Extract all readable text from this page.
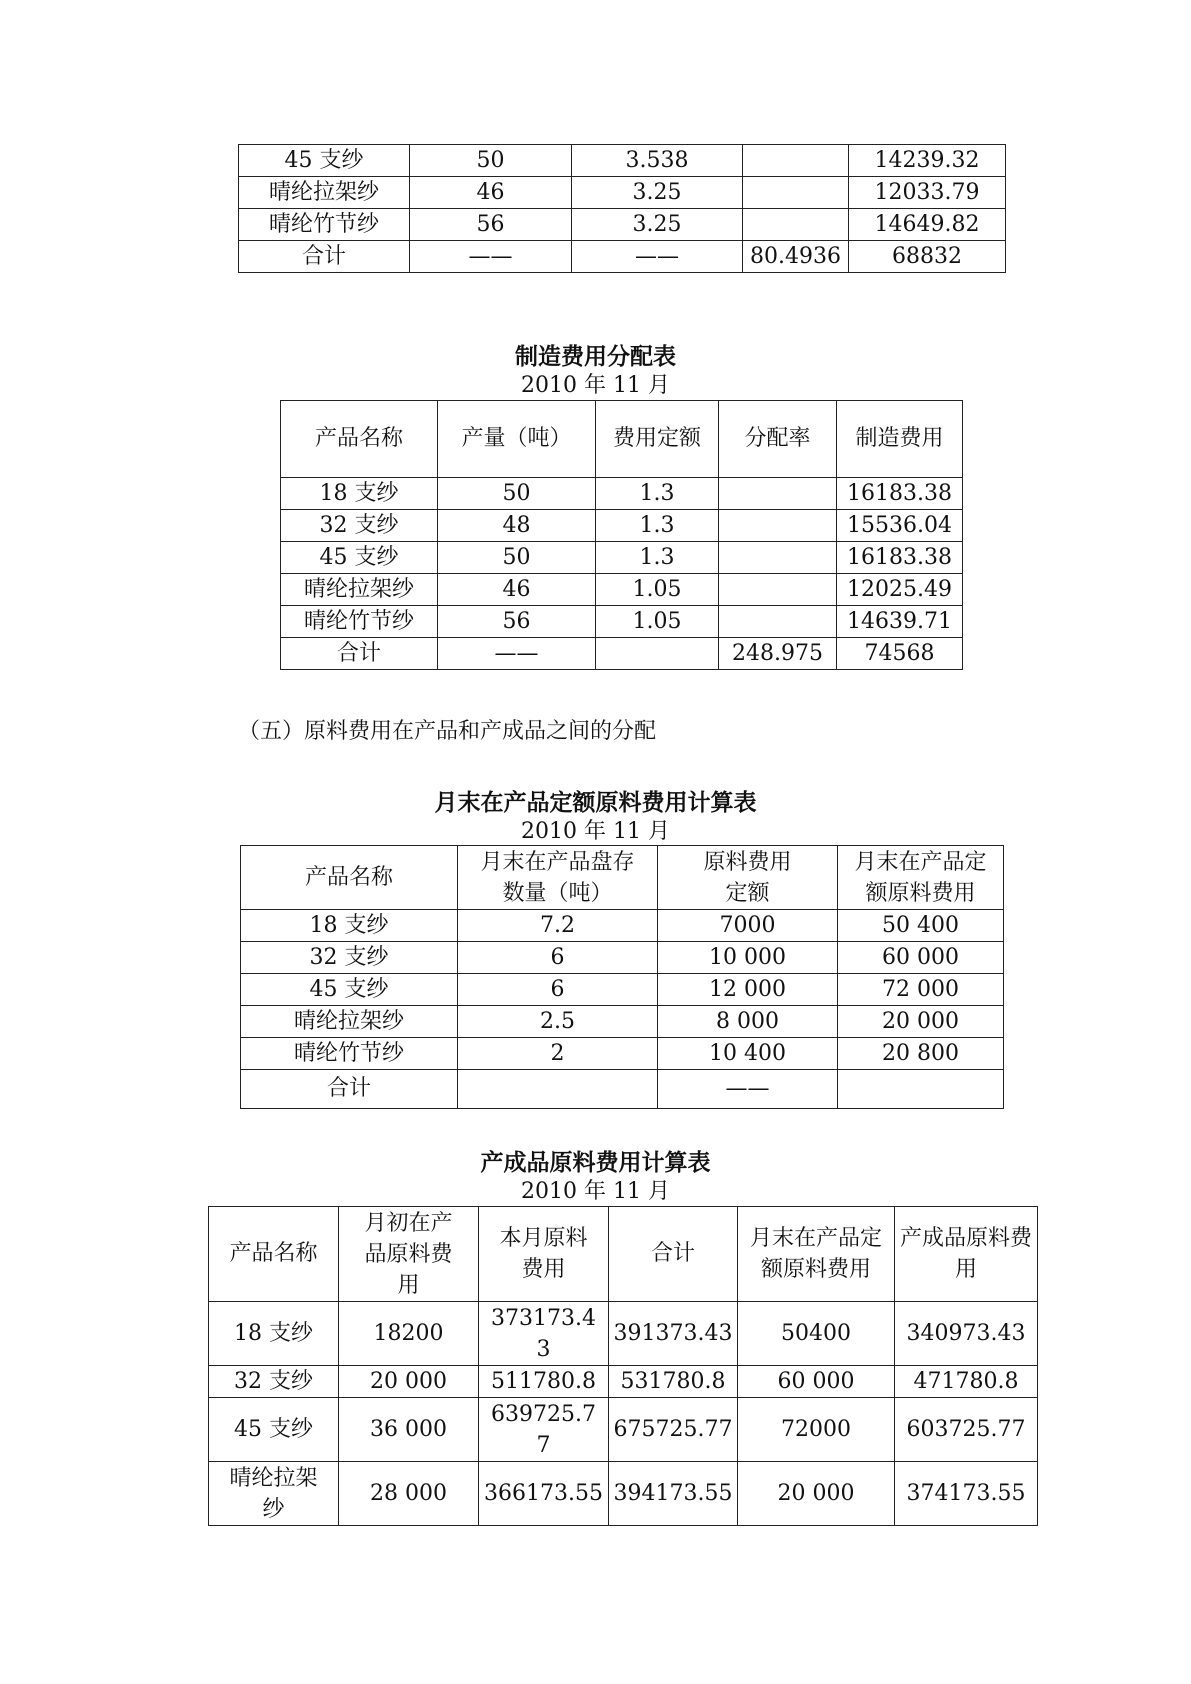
45 支纱	50	3.538		14239.32
晴纶拉架纱	46	3.25		12033.79
晴纶竹节纱	56	3.25		14649.82
合计	——	——	80.4936	68832
制造费用分配表
2010 年 11 月
产品名称	产量（吨）	费用定额	分配率	制造费用
18 支纱	50	1.3		16183.38
32 支纱	48	1.3		15536.04
45 支纱	50	1.3		16183.38
晴纶拉架纱	46	1.05		12025.49
晴纶竹节纱	56	1.05		14639.71
合计	——		248.975	74568
（五）原料费用在产品和产成品之间的分配
月末在产品定额原料费用计算表
2010 年 11 月
产品名称	月末在产品盘存数量（吨）	原料费用定额	月末在产品定额原料费用
18 支纱	7.2	7000	50 400
32 支纱	6	10 000	60 000
45 支纱	6	12 000	72 000
晴纶拉架纱	2.5	8 000	20 000
晴纶竹节纱	2	10 400	20 800
合计		——	
产成品原料费用计算表
2010 年 11 月
产品名称	月初在产品原料费用	本月原料费用	合计	月末在产品定额原料费用	产成品原料费用
18 支纱	18200	373173.43	391373.43	50400	340973.43
32 支纱	20 000	511780.8	531780.8	60 000	471780.8
45 支纱	36 000	639725.77	675725.77	72000	603725.77
晴纶拉架纱	28 000	366173.55	394173.55	20 000	374173.55
